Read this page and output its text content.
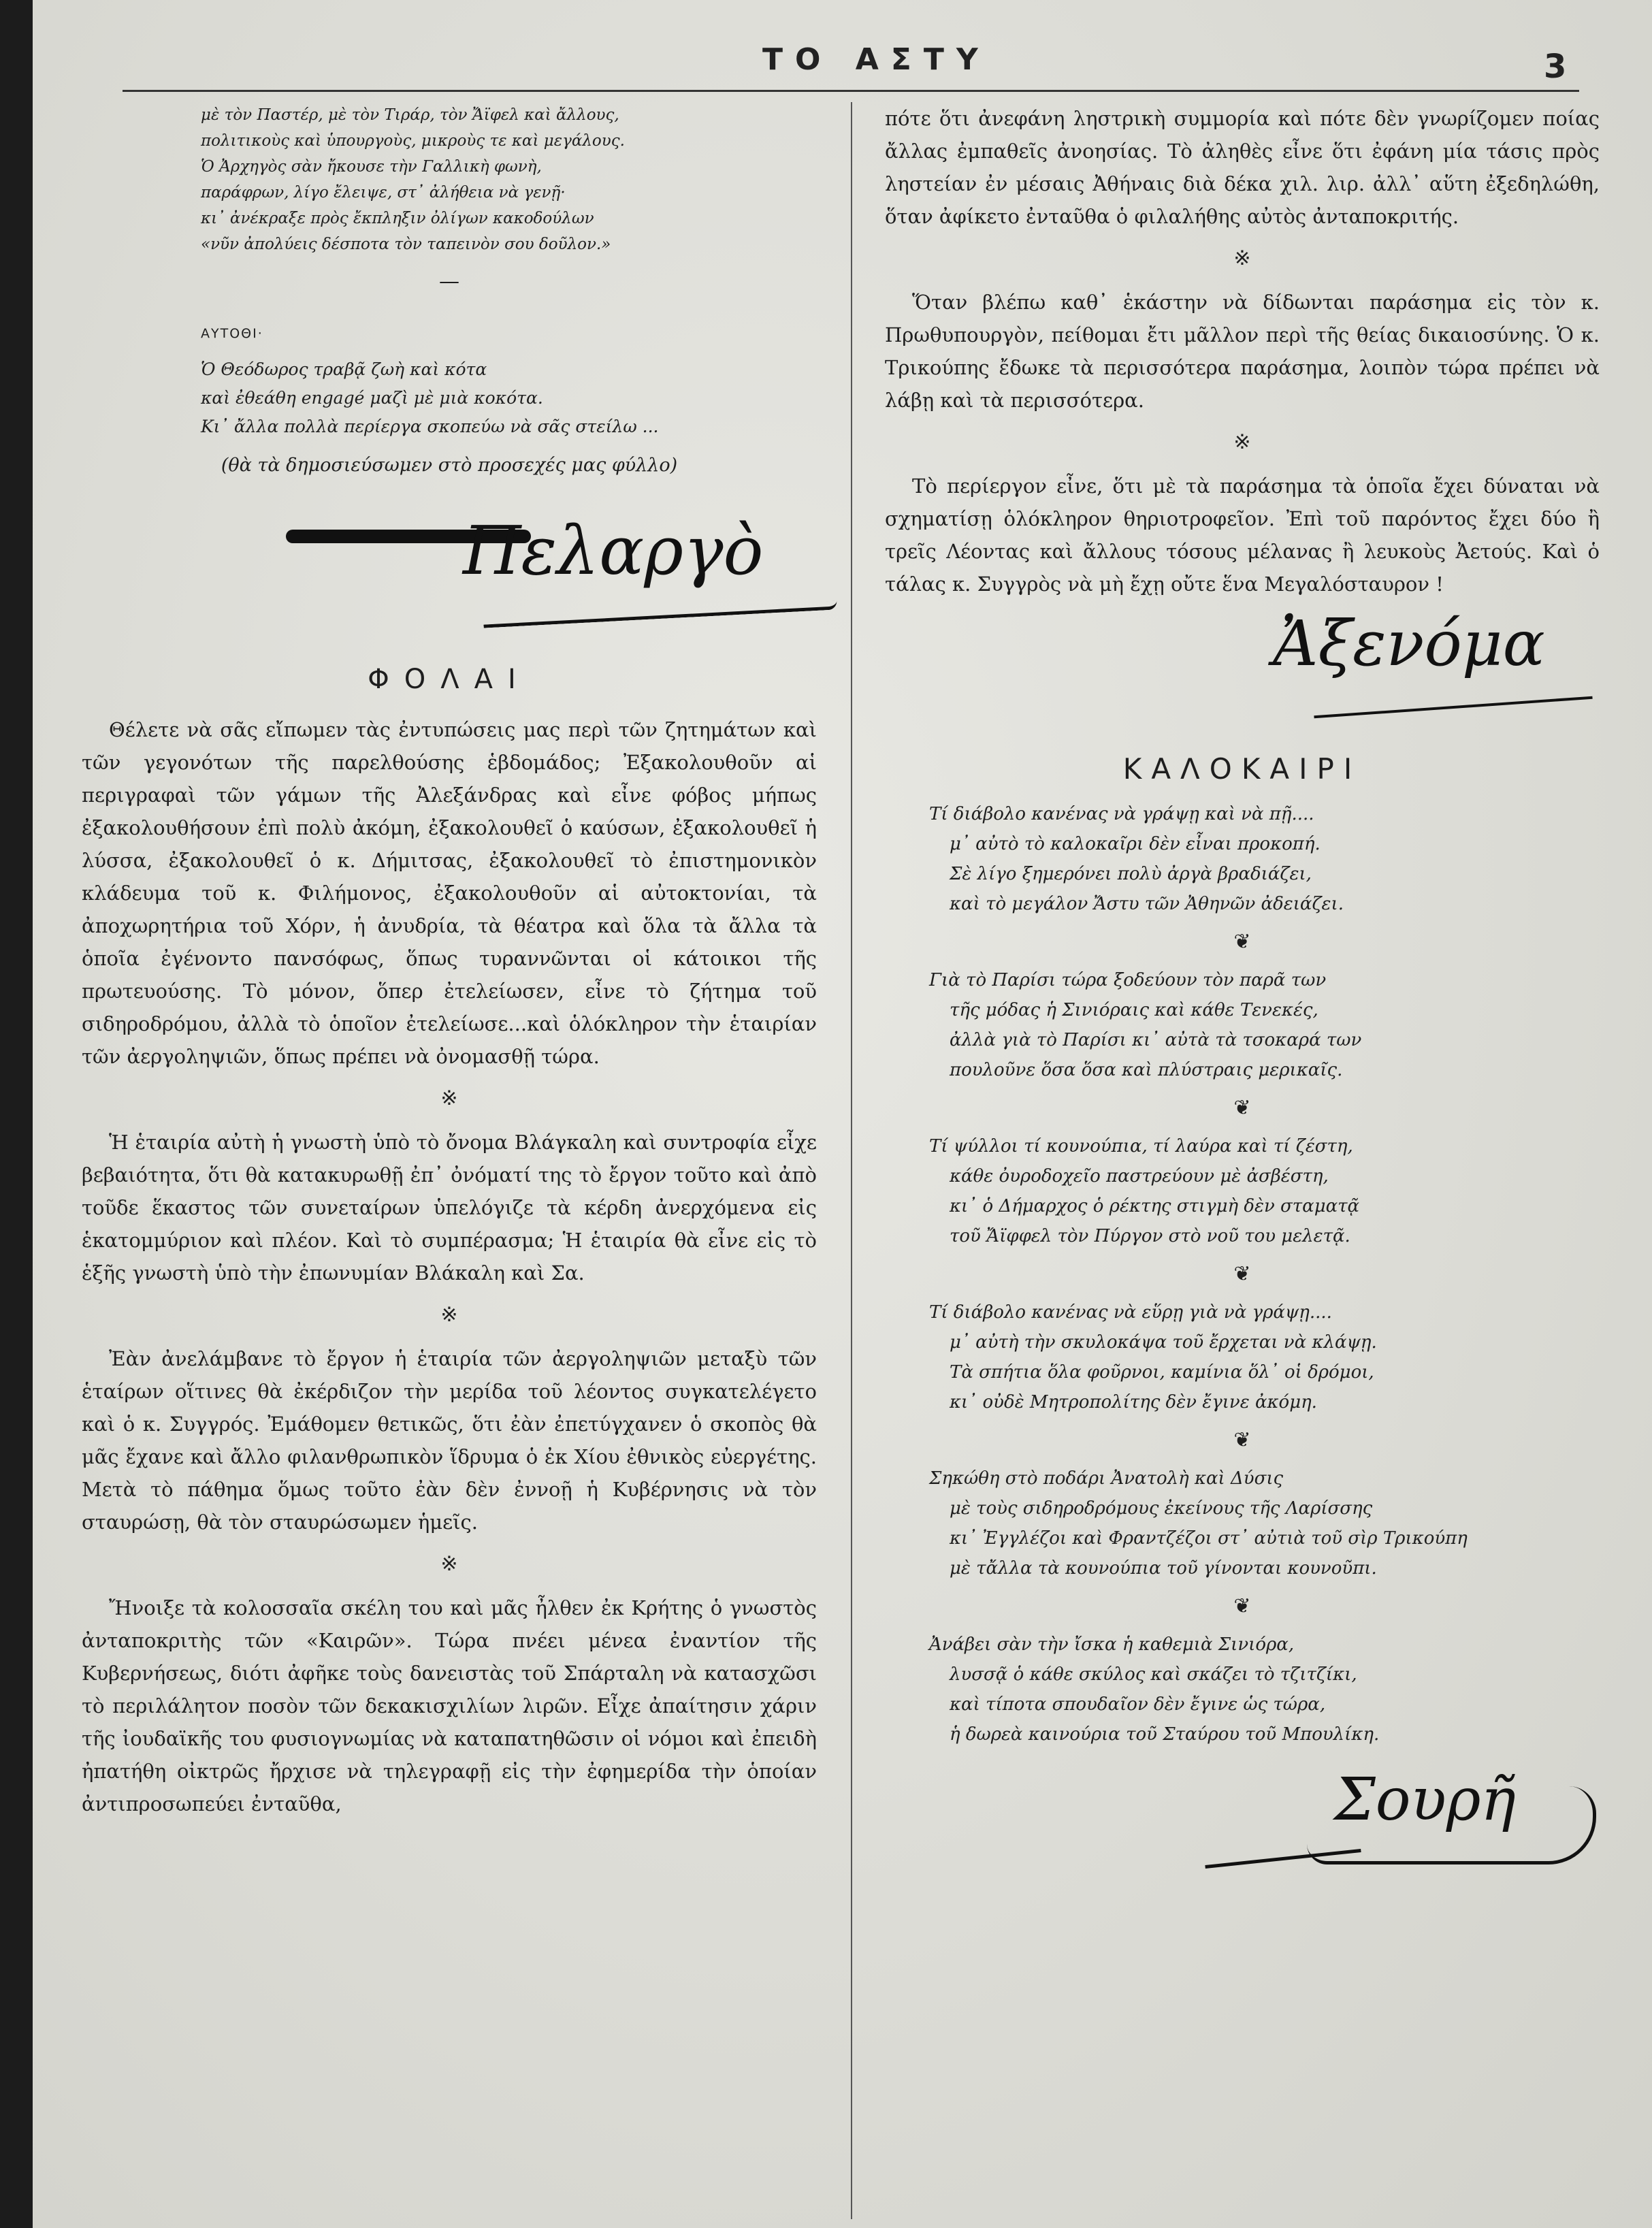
ΤΟ ΑΣΤΥ	3

μὲ τὸν Παστέρ, μὲ τὸν Τιράρ, τὸν Ἄϊφελ καὶ ἄλλους,

πολιτικοὺς καὶ ὑπουργοὺς, μικροὺς τε καὶ μεγάλους.

Ὁ Ἀρχηγὸς σὰν ἤκουσε τὴν Γαλλικὴ φωνὴ,

παράφρων, λίγο ἔλειψε, στ᾿ ἀλήθεια νὰ γενῇ·

κι᾿ ἀνέκραξε πρὸς ἔκπληξιν ὀλίγων κακοδούλων

«νῦν ἀπολύεις δέσποτα τὸν ταπεινὸν σου δοῦλον.»

—
ΑΥΤΟΘΙ·

Ὁ Θεόδωρος τραβᾷ ζωὴ καὶ κότα

καὶ ἐθεάθη engagé μαζὶ μὲ μιὰ κοκότα.

Κι᾿ ἄλλα πολλὰ περίεργα σκοπεύω νὰ σᾶς στείλω ...

(θὰ τὰ δημοσιεύσωμεν στὸ προσεχές μας φύλλο)
Πελαργὸ
ΦΟΛΑΙ

Θέλετε νὰ σᾶς εἴπωμεν τὰς ἐντυπώσεις μας περὶ τῶν ζητημάτων καὶ τῶν γεγονότων τῆς παρελθούσης ἑβδομάδος; Ἐξακολουθοῦν αἱ περιγραφαὶ τῶν γάμων τῆς Ἀλεξάνδρας καὶ εἶνε φόβος μήπως ἐξακολουθήσουν ἐπὶ πολὺ ἀκόμη, ἐξακολουθεῖ ὁ καύσων, ἐξακολουθεῖ ἡ λύσσα, ἐξακολουθεῖ ὁ κ. Δήμιτσας, ἐξακολουθεῖ τὸ ἐπιστημονικὸν κλάδευμα τοῦ κ. Φιλήμονος, ἐξακολουθοῦν αἱ αὐτοκτονίαι, τὰ ἀποχωρητήρια τοῦ Χόρν, ἡ ἀνυδρία, τὰ θέατρα καὶ ὅλα τὰ ἄλλα τὰ ὁποῖα ἐγένοντο πανσόφως, ὅπως τυραννῶνται οἱ κάτοικοι τῆς πρωτευούσης. Τὸ μόνον, ὅπερ ἐτελείωσεν, εἶνε τὸ ζήτημα τοῦ σιδηροδρόμου, ἀλλὰ τὸ ὁποῖον ἐτελείωσε...καὶ ὁλόκληρον τὴν ἑταιρίαν τῶν ἀεργοληψιῶν, ὅπως πρέπει νὰ ὀνομασθῇ τώρα.

※

Ἡ ἑταιρία αὐτὴ ἡ γνωστὴ ὑπὸ τὸ ὄνομα Βλάγκαλη καὶ συντροφία εἶχε βεβαιότητα, ὅτι θὰ κατακυρωθῇ ἐπ᾿ ὀνόματί της τὸ ἔργον τοῦτο καὶ ἀπὸ τοῦδε ἕκαστος τῶν συνεταίρων ὑπελόγιζε τὰ κέρδη ἀνερχόμενα εἰς ἑκατομμύριον καὶ πλέον. Καὶ τὸ συμπέρασμα; Ἡ ἑταιρία θὰ εἶνε εἰς τὸ ἑξῆς γνωστὴ ὑπὸ τὴν ἐπωνυμίαν Βλάκαλη καὶ Σα.

※

Ἐὰν ἀνελάμβανε τὸ ἔργον ἡ ἑταιρία τῶν ἀεργοληψιῶν μεταξὺ τῶν ἑταίρων οἵτινες θὰ ἐκέρδιζον τὴν μερίδα τοῦ λέοντος συγκατελέγετο καὶ ὁ κ. Συγγρός. Ἐμάθομεν θετικῶς, ὅτι ἐὰν ἐπετύγχανεν ὁ σκοπὸς θὰ μᾶς ἔχανε καὶ ἄλλο φιλανθρωπικὸν ἵδρυμα ὁ ἐκ Χίου ἐθνικὸς εὐεργέτης. Μετὰ τὸ πάθημα ὅμως τοῦτο ἐὰν δὲν ἐννοῇ ἡ Κυβέρνησις νὰ τὸν σταυρώσῃ, θὰ τὸν σταυρώσωμεν ἡμεῖς.

※

Ἤνοιξε τὰ κολοσσαῖα σκέλη του καὶ μᾶς ἦλθεν ἐκ Κρήτης ὁ γνωστὸς ἀνταποκριτὴς τῶν «Καιρῶν». Τώρα πνέει μένεα ἐναντίον τῆς Κυβερνήσεως, διότι ἀφῆκε τοὺς δανειστὰς τοῦ Σπάρταλη νὰ κατασχῶσι τὸ περιλάλητον ποσὸν τῶν δεκακισχιλίων λιρῶν. Εἶχε ἀπαίτησιν χάριν τῆς ἰουδαϊκῆς του φυσιογνωμίας νὰ καταπατηθῶσιν οἱ νόμοι καὶ ἐπειδὴ ἠπατήθη οἰκτρῶς ἤρχισε νὰ τηλεγραφῇ εἰς τὴν ἐφημερίδα τὴν ὁποίαν ἀντιπροσωπεύει ἐνταῦθα,

πότε ὅτι ἀνεφάνη ληστρικὴ συμμορία καὶ πότε δὲν γνωρίζομεν ποίας ἄλλας ἐμπαθεῖς ἀνοησίας. Τὸ ἀληθὲς εἶνε ὅτι ἐφάνη μία τάσις πρὸς ληστείαν ἐν μέσαις Ἀθήναις διὰ δέκα χιλ. λιρ. ἀλλ᾿ αὕτη ἐξεδηλώθη, ὅταν ἀφίκετο ἐνταῦθα ὁ φιλαλήθης αὐτὸς ἀνταποκριτής.

※

Ὅταν βλέπω καθ᾿ ἑκάστην νὰ δίδωνται παράσημα εἰς τὸν κ. Πρωθυπουργὸν, πείθομαι ἔτι μᾶλλον περὶ τῆς θείας δικαιοσύνης. Ὁ κ. Τρικούπης ἔδωκε τὰ περισσότερα παράσημα, λοιπὸν τώρα πρέπει νὰ λάβῃ καὶ τὰ περισσότερα.

※

Τὸ περίεργον εἶνε, ὅτι μὲ τὰ παράσημα τὰ ὁποῖα ἔχει δύναται νὰ σχηματίσῃ ὁλόκληρον θηριοτροφεῖον. Ἐπὶ τοῦ παρόντος ἔχει δύο ἢ τρεῖς Λέοντας καὶ ἄλλους τόσους μέλανας ἢ λευκοὺς Ἀετούς. Καὶ ὁ τάλας κ. Συγγρὸς νὰ μὴ ἔχῃ οὔτε ἕνα Μεγαλόσταυρον !

Ἀξενόμα
ΚΑΛΟΚΑΙΡΙ

Τί διάβολο κανένας νὰ γράψῃ καὶ νὰ πῇ....

μ᾿ αὐτὸ τὸ καλοκαῖρι δὲν εἶναι προκοπή.

Σὲ λίγο ξημερόνει πολὺ ἀργὰ βραδιάζει,

καὶ τὸ μεγάλον Ἄστυ τῶν Ἀθηνῶν ἀδειάζει.

❦

Γιὰ τὸ Παρίσι τώρα ξοδεύουν τὸν παρᾶ των

τῆς μόδας ἡ Σινιόραις καὶ κάθε Τενεκές,

ἀλλὰ γιὰ τὸ Παρίσι κι᾿ αὐτὰ τὰ τσοκαρά των

πουλοῦνε ὅσα ὅσα καὶ πλύστραις μερικαῖς.

❦

Τί ψύλλοι τί κουνούπια, τί λαύρα καὶ τί ζέστη,

κάθε ὀυροδοχεῖο παστρεύουν μὲ ἀσβέστη,

κι᾿ ὁ Δήμαρχος ὁ ρέκτης στιγμὴ δὲν σταματᾷ

τοῦ Ἄϊφφελ τὸν Πύργον στὸ νοῦ του μελετᾷ.

❦

Τί διάβολο κανένας νὰ εὕρῃ γιὰ νὰ γράψῃ....

μ᾿ αὐτὴ τὴν σκυλοκάψα τοῦ ἔρχεται νὰ κλάψῃ.

Τὰ σπήτια ὅλα φοῦρνοι, καμίνια ὅλ᾿ οἱ δρόμοι,

κι᾿ οὐδὲ Μητροπολίτης δὲν ἔγινε ἀκόμη.

❦

Σηκώθη στὸ ποδάρι Ἀνατολὴ καὶ Δύσις

μὲ τοὺς σιδηροδρόμους ἐκείνους τῆς Λαρίσσης

κι᾿ Ἐγγλέζοι καὶ Φραντζέζοι στ᾿ αὐτιὰ τοῦ σὶρ Τρικούπη

μὲ τἄλλα τὰ κουνούπια τοῦ γίνονται κουνοῦπι.

❦

Ἀνάβει σὰν τὴν ἴσκα ἡ καθεμιὰ Σινιόρα,

λυσσᾷ ὁ κάθε σκύλος καὶ σκάζει τὸ τζιτζίκι,

καὶ τίποτα σπουδαῖον δὲν ἔγινε ὡς τώρα,

ἡ δωρεὰ καινούρια τοῦ Σταύρου τοῦ Μπουλίκη.

Σουρῆ
